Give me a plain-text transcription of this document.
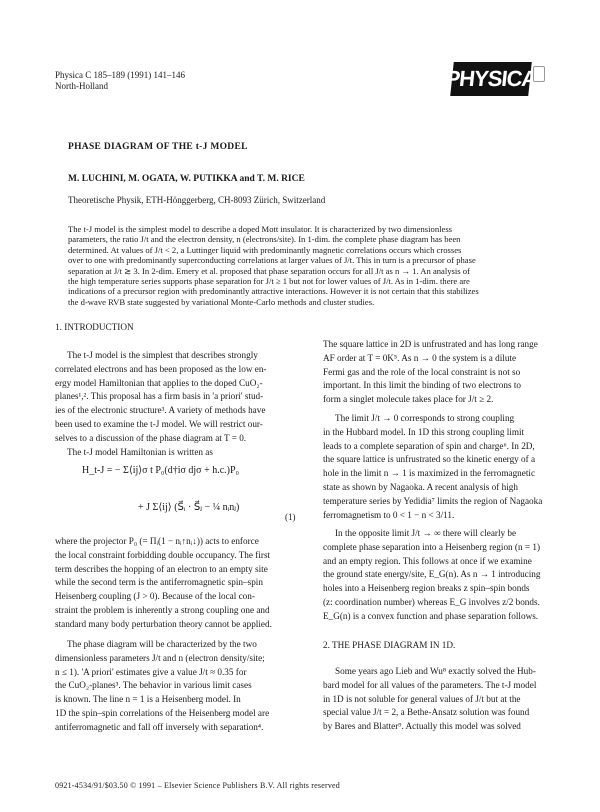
Physica C 185–189 (1991) 141–146
North-Holland	PHYSICA
PHASE DIAGRAM OF THE t-J MODEL
M. LUCHINI, M. OGATA, W. PUTIKKA and T. M. RICE
Theoretische Physik, ETH-Hönggerberg, CH-8093 Zürich, Switzerland
The t-J model is the simplest model to describe a doped Mott insulator. It is characterized by two dimensionless
parameters, the ratio J/t and the electron density, n (electrons/site). In 1-dim. the complete phase diagram has been
determined. At values of J/t < 2, a Luttinger liquid with predominantly magnetic correlations occurs which crosses
over to one with predominantly superconducting correlations at larger values of J/t. This in turn is a precursor of phase
separation at J/t ≳ 3. In 2-dim. Emery et al. proposed that phase separation occurs for all J/t as n → 1. An analysis of
the high temperature series supports phase separation for J/t ≥ 1 but not for lower values of J/t. As in 1-dim. there are
indications of a precursor region with predominantly attractive interactions. However it is not certain that this stabilizes
the d-wave RVB state suggested by variational Monte-Carlo methods and cluster studies.
1. INTRODUCTION
The t-J model is the simplest that describes strongly
correlated electrons and has been proposed as the low en-
ergy model Hamiltonian that applies to the doped CuO₂-
planes¹,². This proposal has a firm basis in 'a priori' stud-
ies of the electronic structure³. A variety of methods have
been used to examine the t-J model. We will restrict our-
selves to a discussion of the phase diagram at T = 0.
The t-J model Hamiltonian is written as
H_t-J = − Σ⟨ij⟩σ t P₀(d†iσ djσ + h.c.)P₀
+ J Σ⟨ij⟩ (S⃗ᵢ · S⃗ⱼ − ¼ nᵢnⱼ)
(1)
where the projector P₀ (= Πᵢ(1 − nᵢ↑nᵢ↓)) acts to enforce
the local constraint forbidding double occupancy. The first
term describes the hopping of an electron to an empty site
while the second term is the antiferromagnetic spin–spin
Heisenberg coupling (J > 0). Because of the local con-
straint the problem is inherently a strong coupling one and
standard many body perturbation theory cannot be applied.
The phase diagram will be characterized by the two
dimensionless parameters J/t and n (electron density/site;
n ≤ 1). 'A priori' estimates give a value J/t ≈ 0.35 for
the CuO₂-planes³. The behavior in various limit cases
is known. The line n = 1 is a Heisenberg model. In
1D the spin–spin correlations of the Heisenberg model are
antiferromagnetic and fall off inversely with separation⁴.
The square lattice in 2D is unfrustrated and has long range
AF order at T = 0K⁵. As n → 0 the system is a dilute
Fermi gas and the role of the local constraint is not so
important. In this limit the binding of two electrons to
form a singlet molecule takes place for J/t ≥ 2.
The limit J/t → 0 corresponds to strong coupling
in the Hubbard model. In 1D this strong coupling limit
leads to a complete separation of spin and charge⁶. In 2D,
the square lattice is unfrustrated so the kinetic energy of a
hole in the limit n → 1 is maximized in the ferromagnetic
state as shown by Nagaoka. A recent analysis of high
temperature series by Yedidia⁷ limits the region of Nagaoka
ferromagnetism to 0 < 1 − n < 3/11.
In the opposite limit J/t → ∞ there will clearly be
complete phase separation into a Heisenberg region (n = 1)
and an empty region. This follows at once if we examine
the ground state energy/site, E_G(n). As n → 1 introducing
holes into a Heisenberg region breaks z spin–spin bonds
(z: coordination number) whereas E_G involves z/2 bonds.
E_G(n) is a convex function and phase separation follows.
2. THE PHASE DIAGRAM IN 1D.
Some years ago Lieb and Wu⁸ exactly solved the Hub-
bard model for all values of the parameters. The t-J model
in 1D is not soluble for general values of J/t but at the
special value J/t = 2, a Bethe-Ansatz solution was found
by Bares and Blatter⁹. Actually this model was solved
0921-4534/91/$03.50 © 1991 – Elsevier Science Publishers B.V. All rights reserved
